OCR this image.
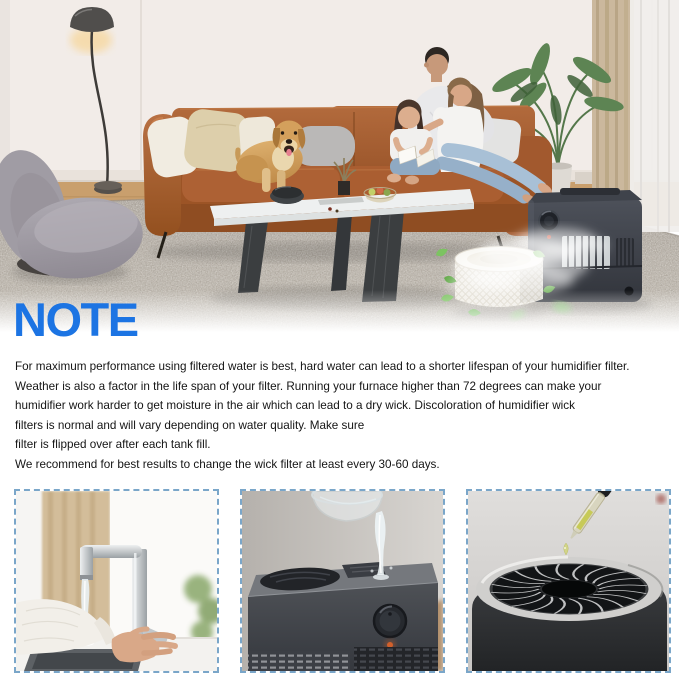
NOTE
For maximum performance using filtered water is best, hard water can lead to a shorter lifespan of your humidifier filter.
Weather is also a factor in the life span of your filter. Running your furnace higher than 72 degrees can make your
humidifier work harder to get moisture in the air which can lead to a dry wick. Discoloration of humidifier wick
filters is normal and will vary depending on water quality. Make sure
filter is flipped over after each tank fill.
We recommend for best results to change the wick filter at least every 30-60 days.
